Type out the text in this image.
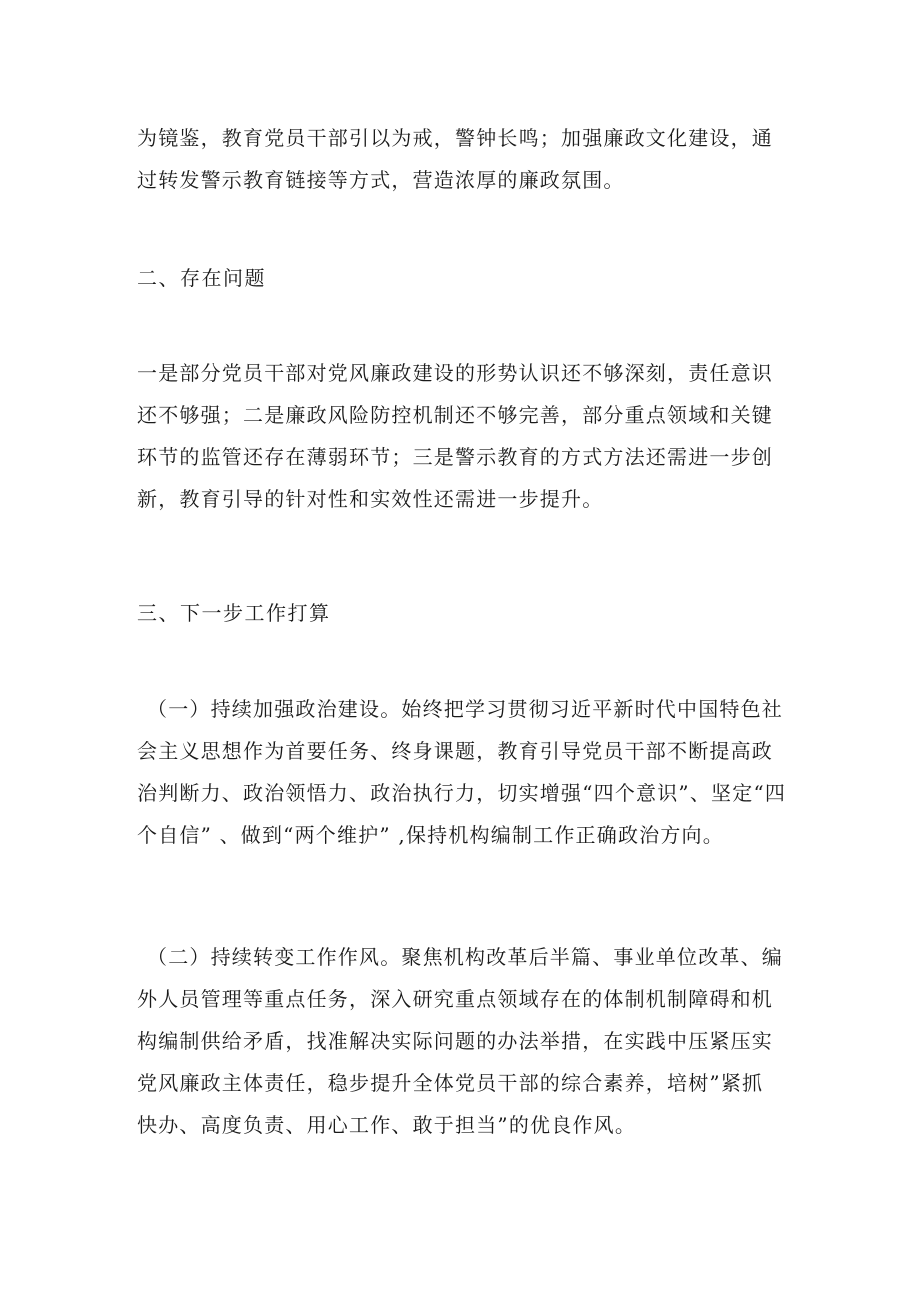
为镜鉴，教育党员干部引以为戒，警钟长鸣；加强廉政文化建设，通
过转发警示教育链接等方式，营造浓厚的廉政氛围。
二、存在问题
一是部分党员干部对党风廉政建设的形势认识还不够深刻，责任意识
还不够强；二是廉政风险防控机制还不够完善，部分重点领域和关键
环节的监管还存在薄弱环节；三是警示教育的方式方法还需进一步创
新，教育引导的针对性和实效性还需进一步提升。
三、下一步工作打算
（一）持续加强政治建设。始终把学习贯彻习近平新时代中国特色社
会主义思想作为首要任务、终身课题，教育引导党员干部不断提高政
治判断力、政治领悟力、政治执行力，切实增强“四个意识”、坚定“四
个自信” 、做到“两个维护” ,保持机构编制工作正确政治方向。
（二）持续转变工作作风。聚焦机构改革后半篇、事业单位改革、编
外人员管理等重点任务，深入研究重点领域存在的体制机制障碍和机
构编制供给矛盾，找准解决实际问题的办法举措，在实践中压紧压实
党风廉政主体责任，稳步提升全体党员干部的综合素养，培树”紧抓
快办、高度负责、用心工作、敢于担当”的优良作风。
